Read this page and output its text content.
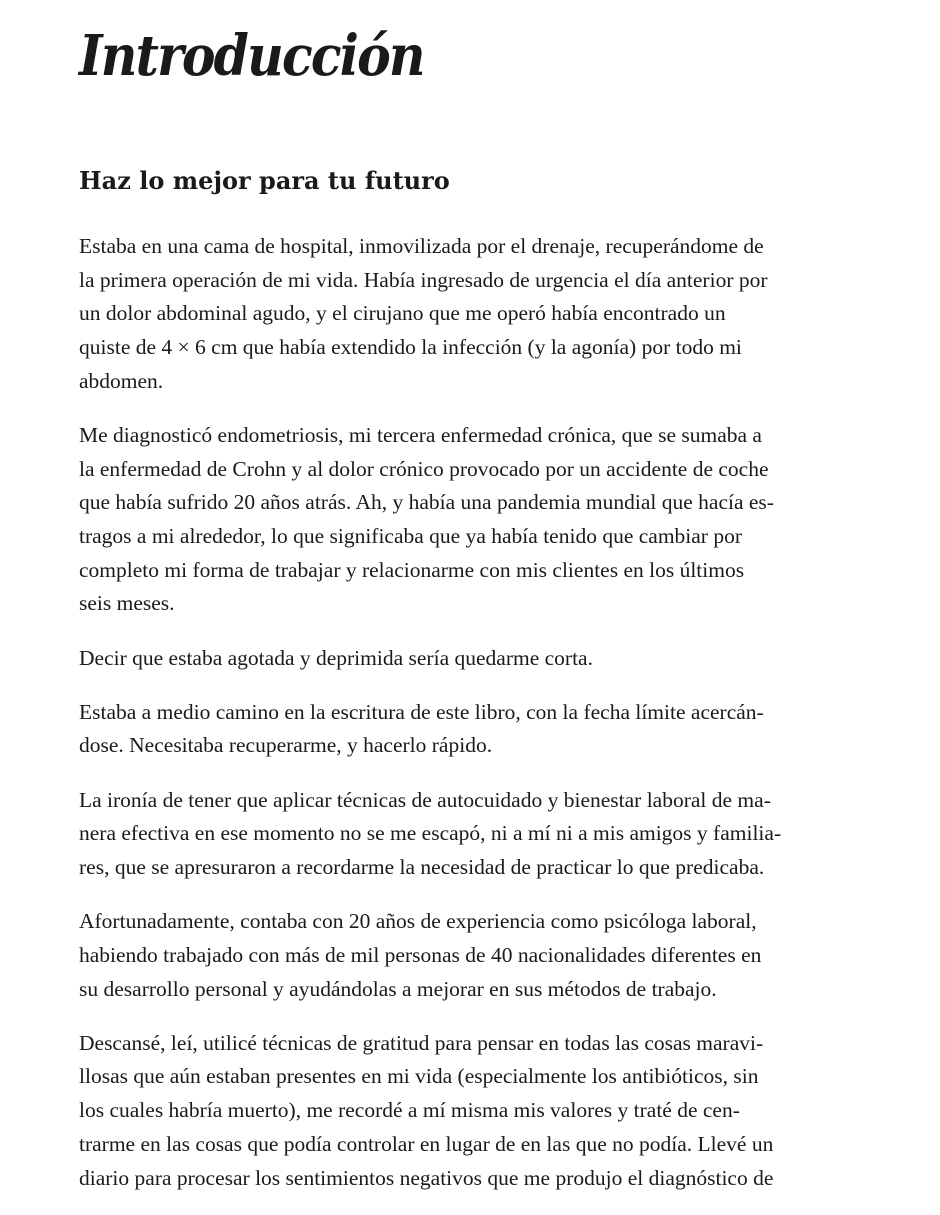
Introducción
Haz lo mejor para tu futuro
Estaba en una cama de hospital, inmovilizada por el drenaje, recuperándome de
la primera operación de mi vida. Había ingresado de urgencia el día anterior por
un dolor abdominal agudo, y el cirujano que me operó había encontrado un
quiste de 4 × 6 cm que había extendido la infección (y la agonía) por todo mi
abdomen.
Me diagnosticó endometriosis, mi tercera enfermedad crónica, que se sumaba a
la enfermedad de Crohn y al dolor crónico provocado por un accidente de coche
que había sufrido 20 años atrás. Ah, y había una pandemia mundial que hacía es-
tragos a mi alrededor, lo que significaba que ya había tenido que cambiar por
completo mi forma de trabajar y relacionarme con mis clientes en los últimos
seis meses.
Decir que estaba agotada y deprimida sería quedarme corta.
Estaba a medio camino en la escritura de este libro, con la fecha límite acercán-
dose. Necesitaba recuperarme, y hacerlo rápido.
La ironía de tener que aplicar técnicas de autocuidado y bienestar laboral de ma-
nera efectiva en ese momento no se me escapó, ni a mí ni a mis amigos y familia-
res, que se apresuraron a recordarme la necesidad de practicar lo que predicaba.
Afortunadamente, contaba con 20 años de experiencia como psicóloga laboral,
habiendo trabajado con más de mil personas de 40 nacionalidades diferentes en
su desarrollo personal y ayudándolas a mejorar en sus métodos de trabajo.
Descansé, leí, utilicé técnicas de gratitud para pensar en todas las cosas maravi-
llosas que aún estaban presentes en mi vida (especialmente los antibióticos, sin
los cuales habría muerto), me recordé a mí misma mis valores y traté de cen-
trarme en las cosas que podía controlar en lugar de en las que no podía. Llevé un
diario para procesar los sentimientos negativos que me produjo el diagnóstico de
